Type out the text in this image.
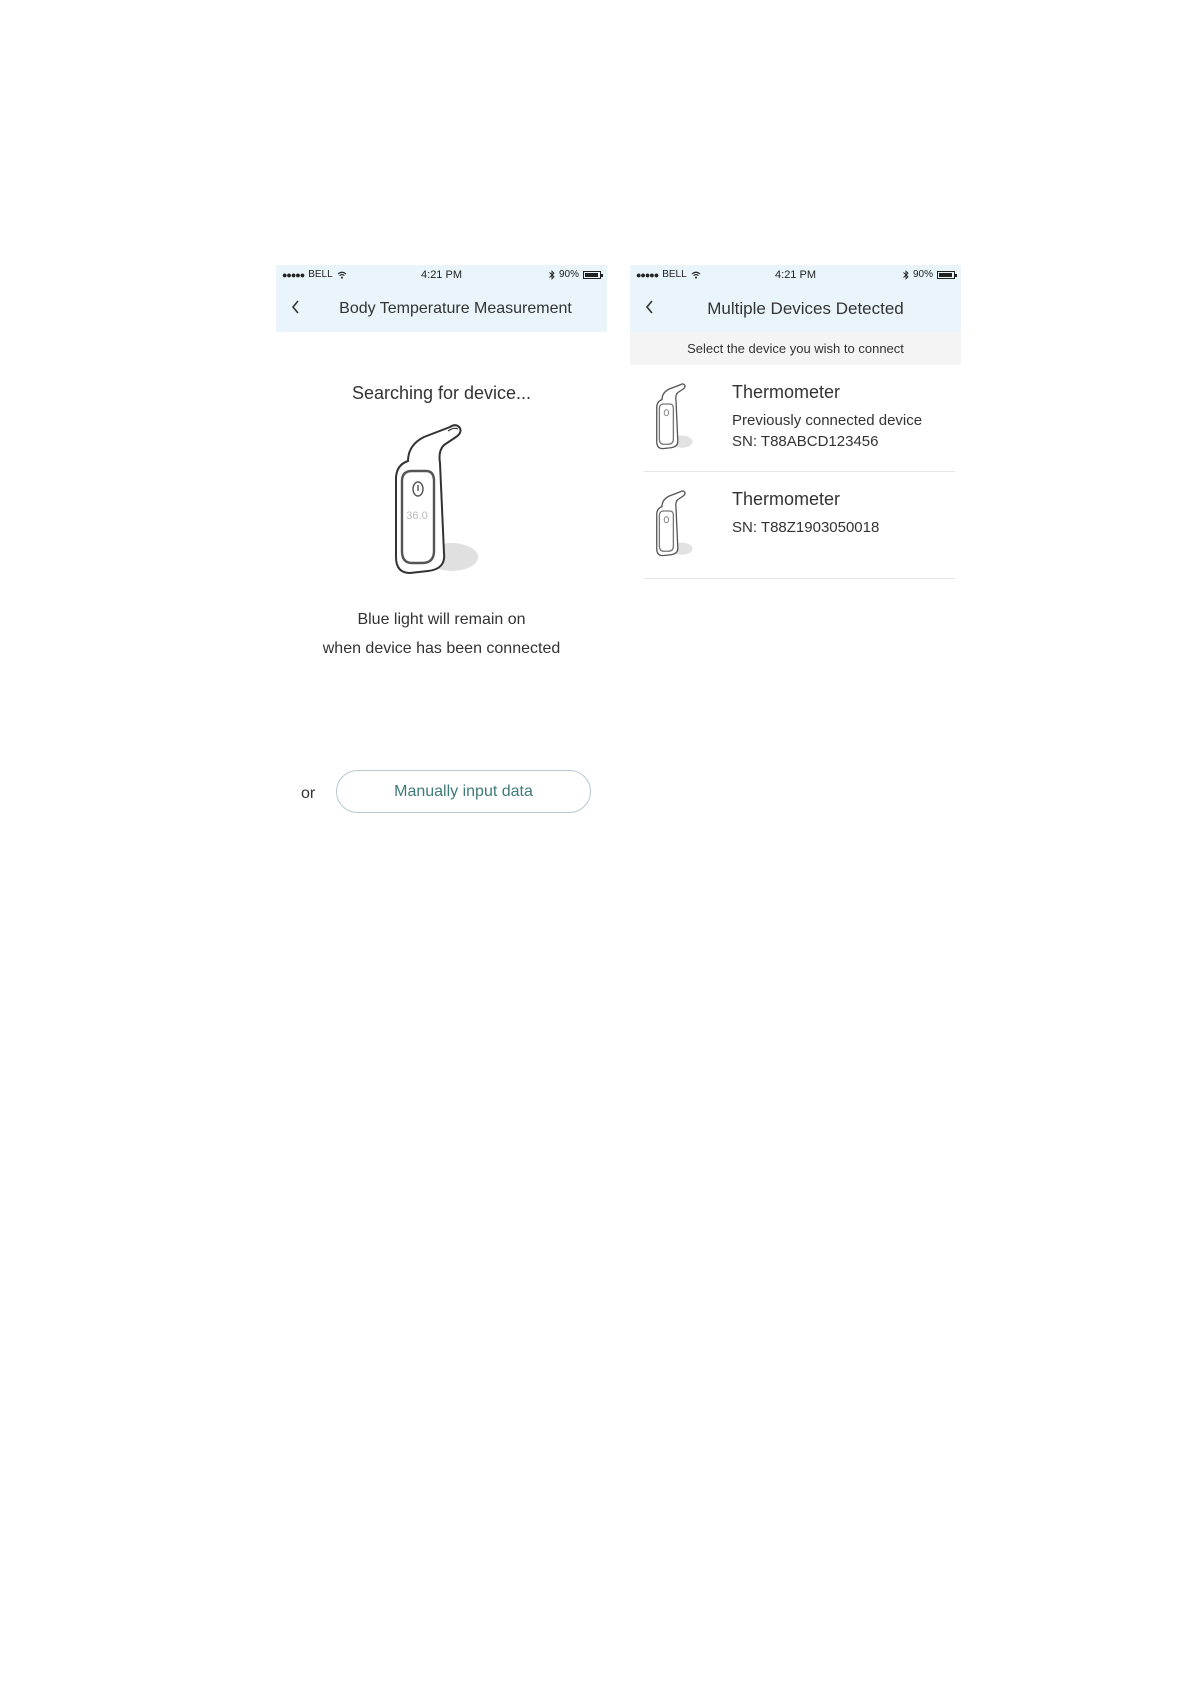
●●●●● BELL	4:21 PM	90%
Body Temperature Measurement
Searching for device...
36.0
Blue light will remain on
when device has been connected
or	Manually input data
●●●●● BELL	4:21 PM	90%
Multiple Devices Detected
Select the device you wish to connect
Thermometer
Previously connected device
SN: T88ABCD123456
Thermometer
SN: T88Z1903050018
